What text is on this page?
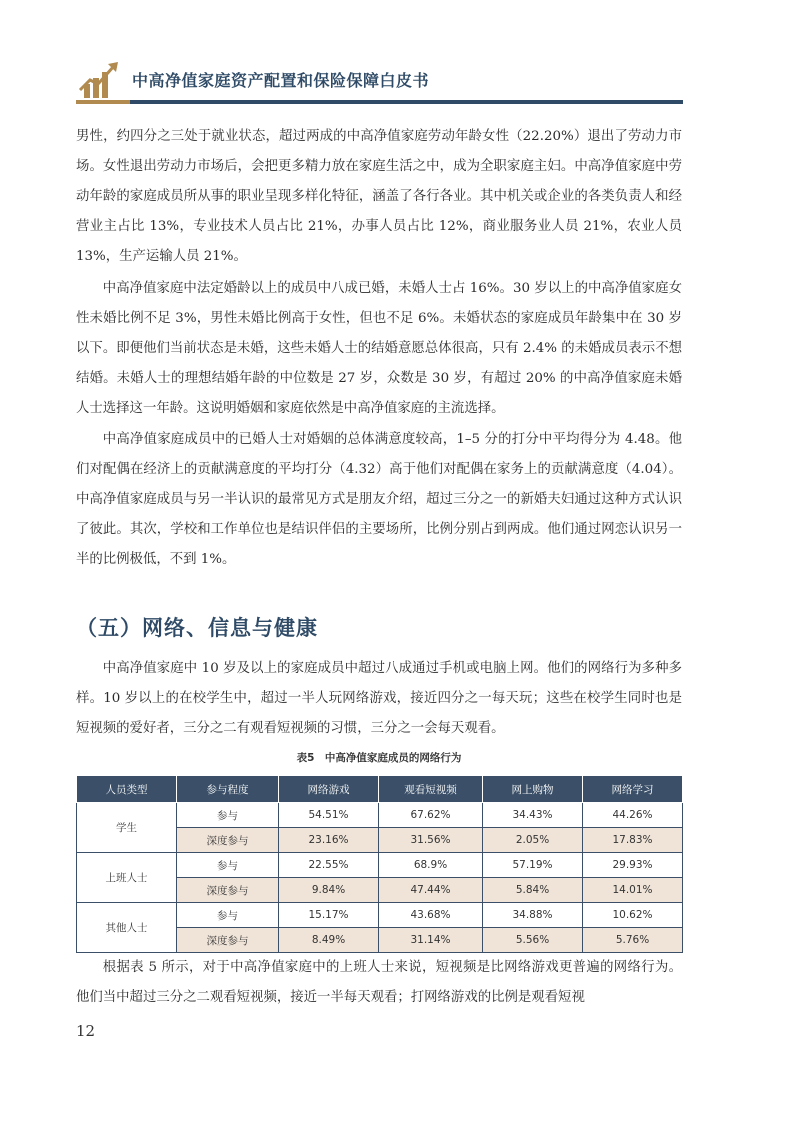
中高净值家庭资产配置和保险保障白皮书

男性，约四分之三处于就业状态，超过两成的中高净值家庭劳动年龄女性（22.20%）退出了劳动力市场。女性退出劳动力市场后，会把更多精力放在家庭生活之中，成为全职家庭主妇。中高净值家庭中劳动年龄的家庭成员所从事的职业呈现多样化特征，涵盖了各行各业。其中机关或企业的各类负责人和经营业主占比 13%，专业技术人员占比 21%，办事人员占比 12%，商业服务业人员 21%，农业人员 13%，生产运输人员 21%。

中高净值家庭中法定婚龄以上的成员中八成已婚，未婚人士占 16%。30 岁以上的中高净值家庭女性未婚比例不足 3%，男性未婚比例高于女性，但也不足 6%。未婚状态的家庭成员年龄集中在 30 岁以下。即便他们当前状态是未婚，这些未婚人士的结婚意愿总体很高，只有 2.4% 的未婚成员表示不想结婚。未婚人士的理想结婚年龄的中位数是 27 岁，众数是 30 岁，有超过 20% 的中高净值家庭未婚人士选择这一年龄。这说明婚姻和家庭依然是中高净值家庭的主流选择。

中高净值家庭成员中的已婚人士对婚姻的总体满意度较高，1–5 分的打分中平均得分为 4.48。他们对配偶在经济上的贡献满意度的平均打分（4.32）高于他们对配偶在家务上的贡献满意度（4.04）。中高净值家庭成员与另一半认识的最常见方式是朋友介绍，超过三分之一的新婚夫妇通过这种方式认识了彼此。其次，学校和工作单位也是结识伴侣的主要场所，比例分别占到两成。他们通过网恋认识另一半的比例极低，不到 1%。

（五）网络、信息与健康

中高净值家庭中 10 岁及以上的家庭成员中超过八成通过手机或电脑上网。他们的网络行为多种多样。10 岁以上的在校学生中，超过一半人玩网络游戏，接近四分之一每天玩；这些在校学生同时也是短视频的爱好者，三分之二有观看短视频的习惯，三分之一会每天观看。

表5　中高净值家庭成员的网络行为
人员类型	参与程度	网络游戏	观看短视频	网上购物	网络学习
学生	参与	54.51%	67.62%	34.43%	44.26%
	深度参与	23.16%	31.56%	2.05%	17.83%
上班人士	参与	22.55%	68.9%	57.19%	29.93%
	深度参与	9.84%	47.44%	5.84%	14.01%
其他人士	参与	15.17%	43.68%	34.88%	10.62%
	深度参与	8.49%	31.14%	5.56%	5.76%

根据表 5 所示，对于中高净值家庭中的上班人士来说，短视频是比网络游戏更普遍的网络行为。他们当中超过三分之二观看短视频，接近一半每天观看；打网络游戏的比例是观看短视

12
